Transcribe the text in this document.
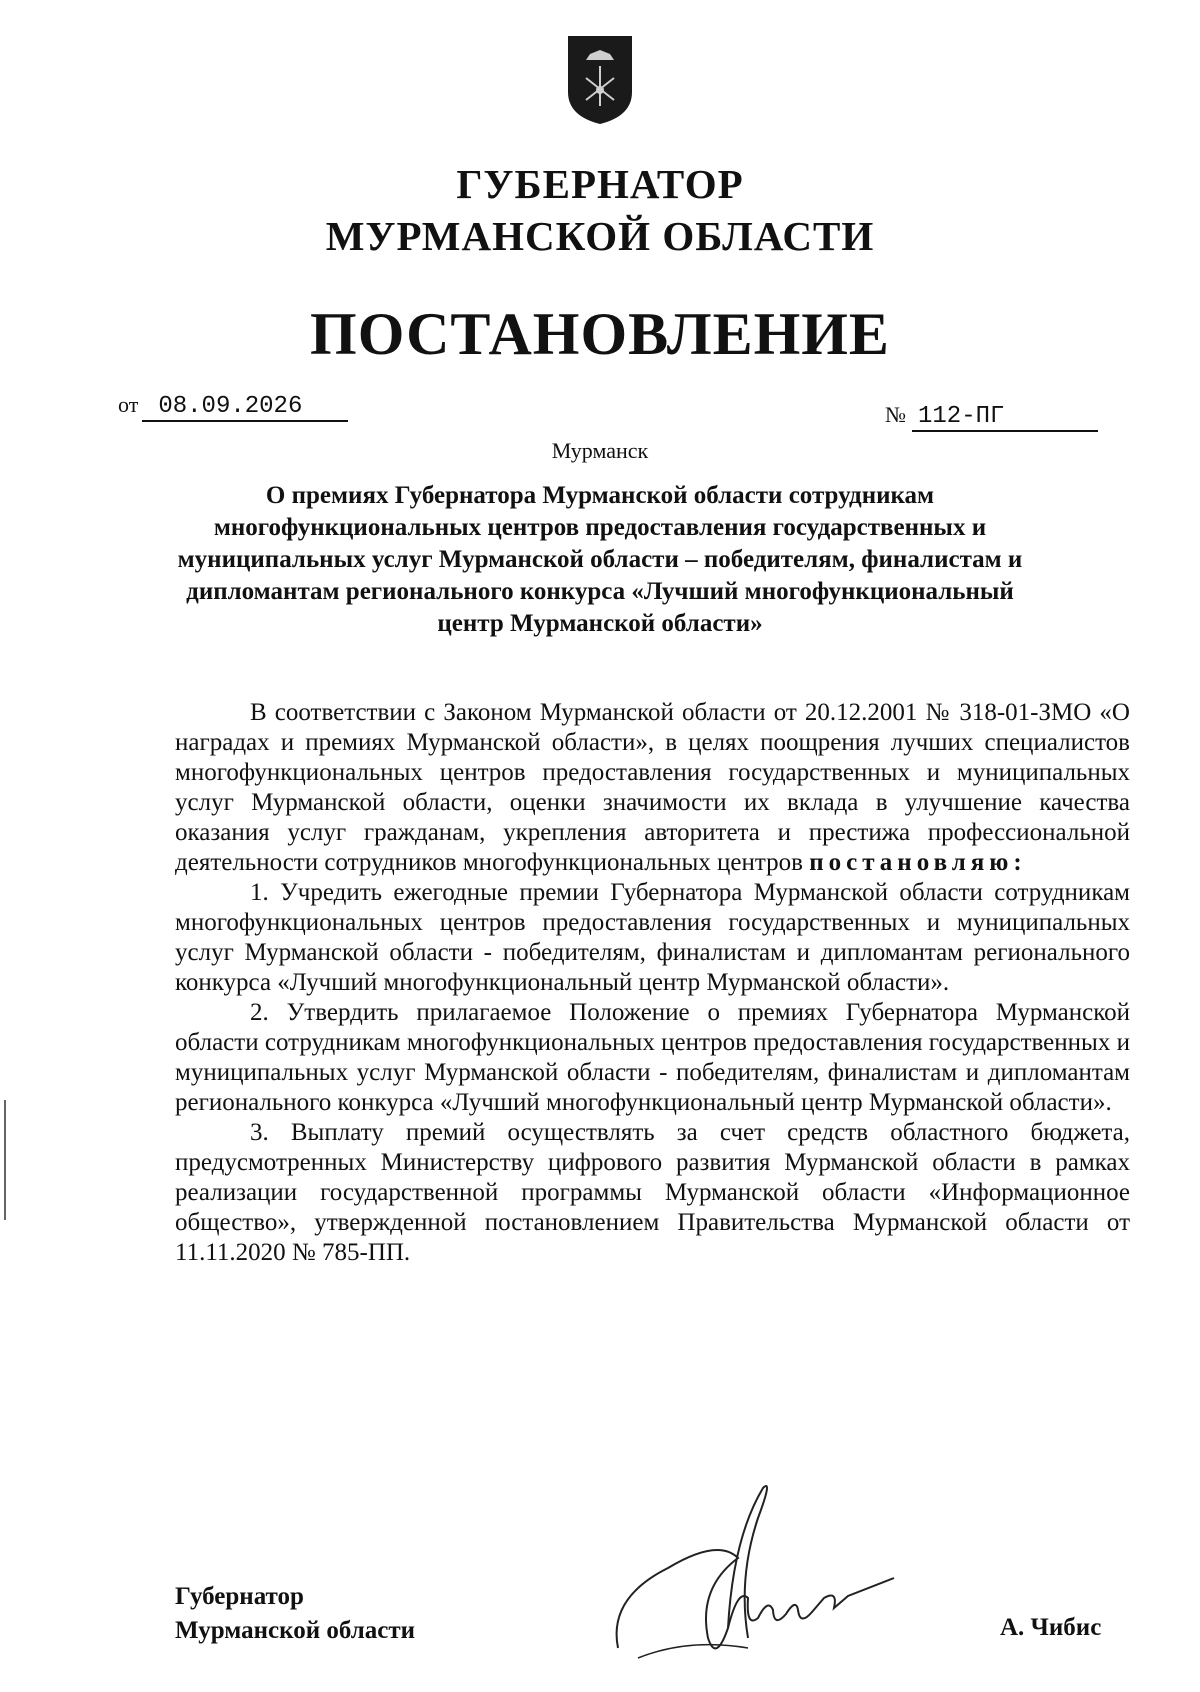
ГУБЕРНАТОР
МУРМАНСКОЙ ОБЛАСТИ
ПОСТАНОВЛЕНИЕ
от 08.09.2026	№ 112-ПГ
Мурманск
О премиях Губернатора Мурманской области сотрудникам многофункциональных центров предоставления государственных и муниципальных услуг Мурманской области – победителям, финалистам и дипломантам регионального конкурса «Лучший многофункциональный центр Мурманской области»

В соответствии с Законом Мурманской области от 20.12.2001 № 318-01-ЗМО «О наградах и премиях Мурманской области», в целях поощрения лучших специалистов многофункциональных центров предоставления государственных и муниципальных услуг Мурманской области, оценки значимости их вклада в улучшение качества оказания услуг гражданам, укрепления авторитета и престижа профессиональной деятельности сотрудников многофункциональных центров постановляю:

1. Учредить ежегодные премии Губернатора Мурманской области сотрудникам многофункциональных центров предоставления государственных и муниципальных услуг Мурманской области - победителям, финалистам и дипломантам регионального конкурса «Лучший многофункциональный центр Мурманской области».

2. Утвердить прилагаемое Положение о премиях Губернатора Мурманской области сотрудникам многофункциональных центров предоставления государственных и муниципальных услуг Мурманской области - победителям, финалистам и дипломантам регионального конкурса «Лучший многофункциональный центр Мурманской области».

3. Выплату премий осуществлять за счет средств областного бюджета, предусмотренных Министерству цифрового развития Мурманской области в рамках реализации государственной программы Мурманской области «Информационное общество», утвержденной постановлением Правительства Мурманской области от 11.11.2020 № 785-ПП.

Губернатор
Мурманской области	А. Чибис
